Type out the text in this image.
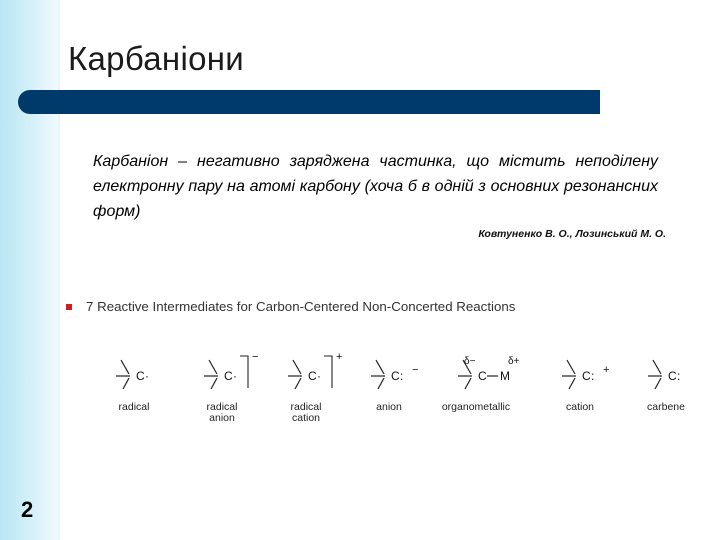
Карбаніони
Карбаніон – негативно заряджена частинка, що містить неподілену електронну пару на атомі карбону (хоча б в одній з основних резонансних форм)
Ковтуненко В. О., Лозинський М. О.
7 Reactive Intermediates for Carbon-Centered Non-Concerted Reactions
C ·
radical
C ·
−
radical
anion
C ·
+
radical
cation
C : −
anion
C M
δ−	δ+
organometallic
C : +
cation
C :
carbene
2
